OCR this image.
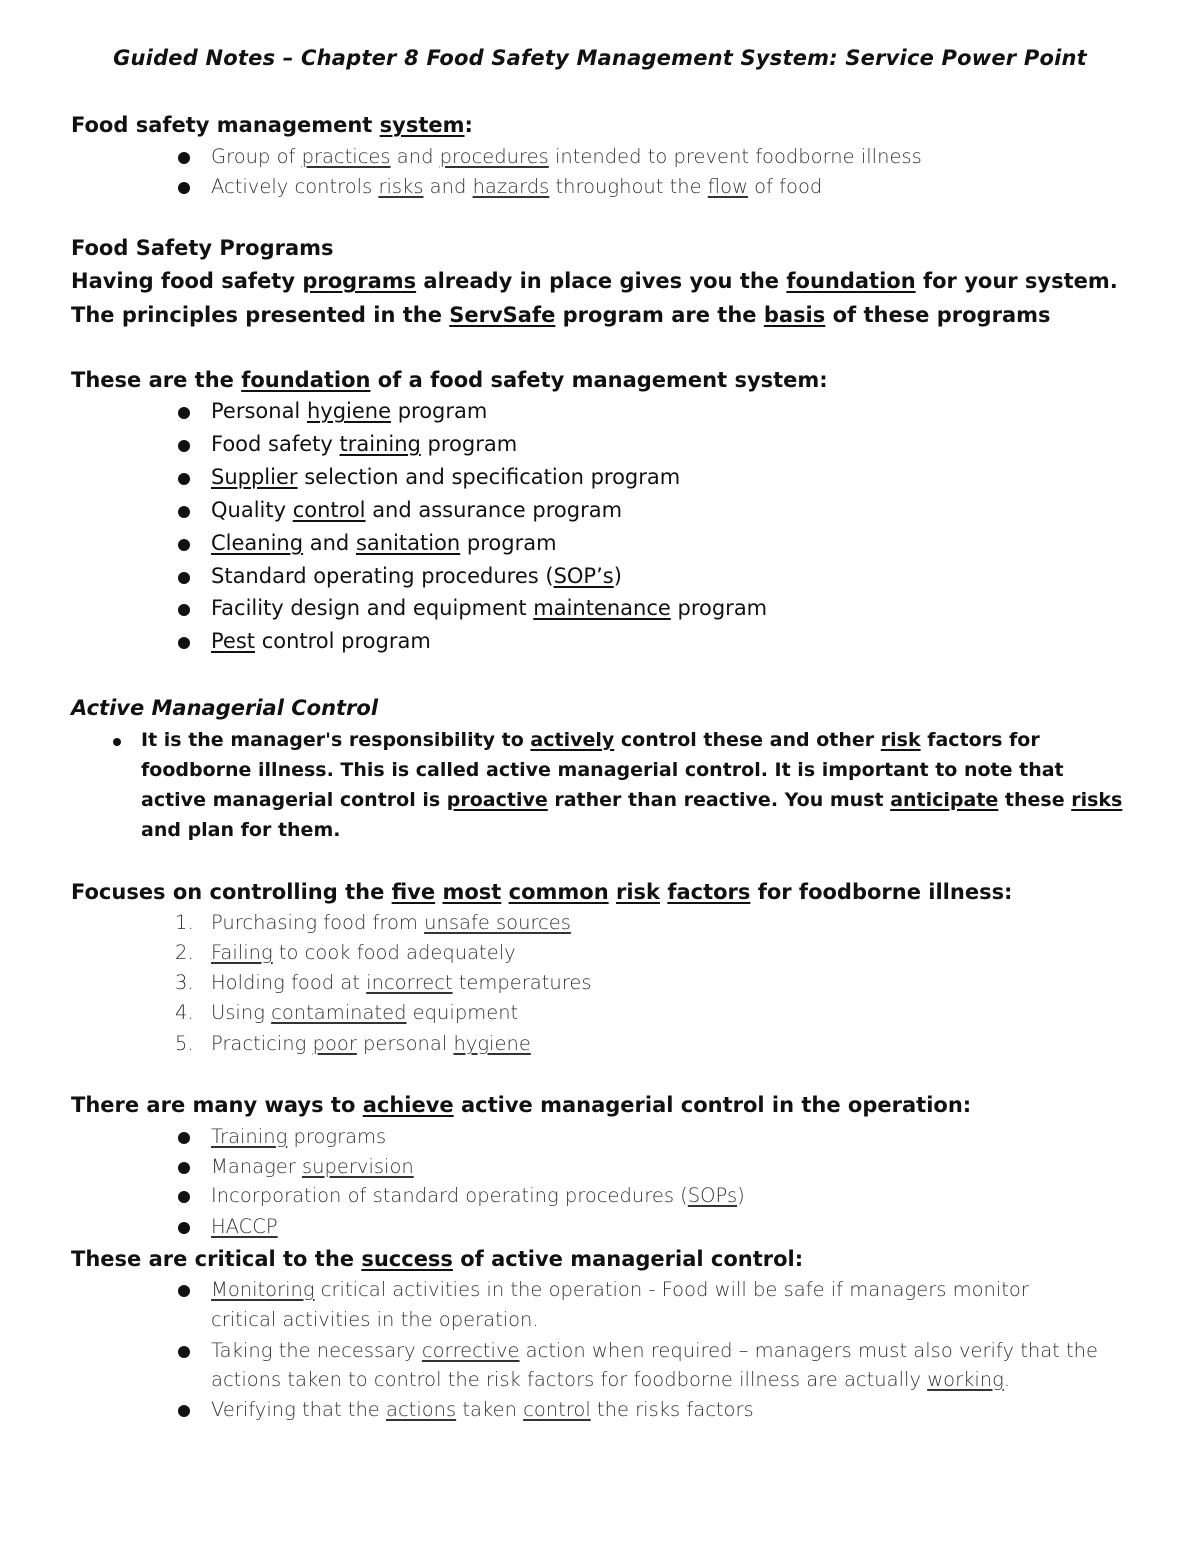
Guided Notes – Chapter 8 Food Safety Management System: Service Power Point
Food safety management system:
Group of practices and procedures intended to prevent foodborne illness
Actively controls risks and hazards throughout the flow of food
Food Safety Programs
Having food safety programs already in place gives you the foundation for your system.
The principles presented in the ServSafe program are the basis of these programs
These are the foundation of a food safety management system:
Personal hygiene program
Food safety training program
Supplier selection and specification program
Quality control and assurance program
Cleaning and sanitation program
Standard operating procedures (SOP’s)
Facility design and equipment maintenance program
Pest control program
Active Managerial Control
It is the manager's responsibility to actively control these and other risk factors for
foodborne illness. This is called active managerial control. It is important to note that
active managerial control is proactive rather than reactive. You must anticipate these risks
and plan for them.
Focuses on controlling the five most common risk factors for foodborne illness:
1. Purchasing food from unsafe sources
2. Failing to cook food adequately
3. Holding food at incorrect temperatures
4. Using contaminated equipment
5. Practicing poor personal hygiene
There are many ways to achieve active managerial control in the operation:
Training programs
Manager supervision
Incorporation of standard operating procedures (SOPs)
HACCP
These are critical to the success of active managerial control:
Monitoring critical activities in the operation - Food will be safe if managers monitor
critical activities in the operation.
Taking the necessary corrective action when required – managers must also verify that the
actions taken to control the risk factors for foodborne illness are actually working.
Verifying that the actions taken control the risks factors
